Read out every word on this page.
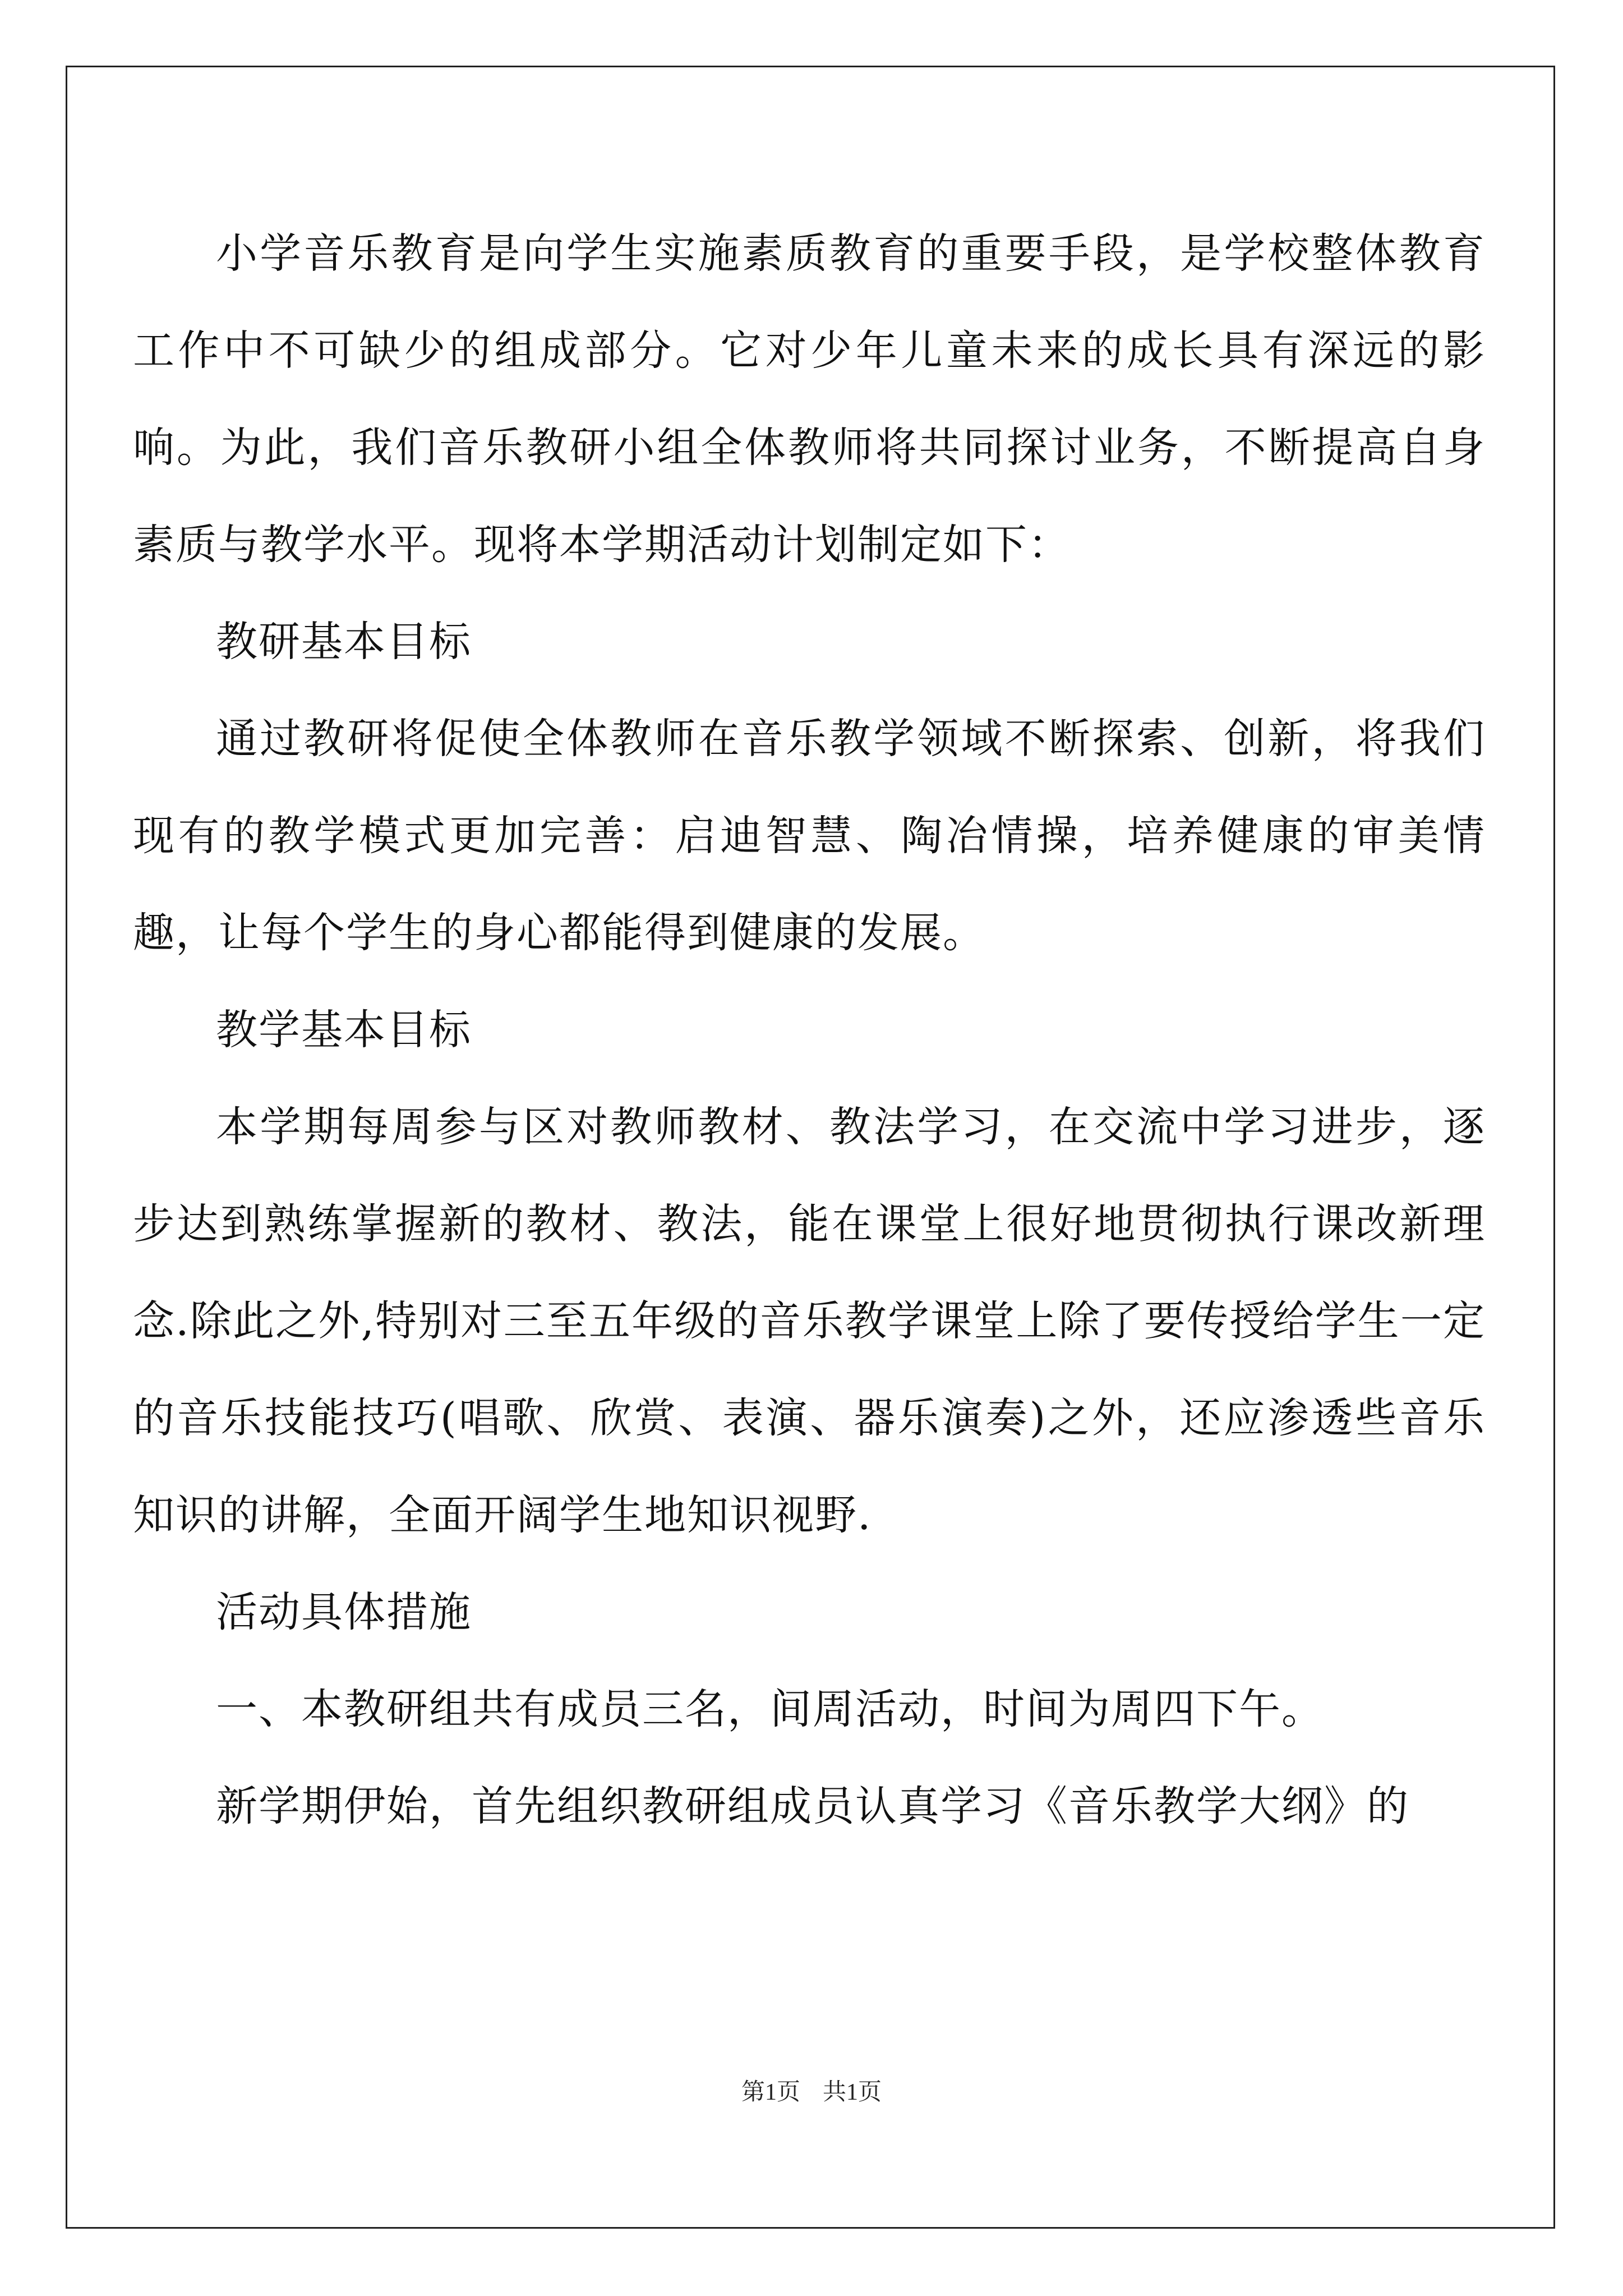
小学音乐教育是向学生实施素质教育的重要手段，是学校整体教育工作中不可缺少的组成部分。它对少年儿童未来的成长具有深远的影响。为此，我们音乐教研小组全体教师将共同探讨业务，不断提高自身素质与教学水平。现将本学期活动计划制定如下：

教研基本目标

通过教研将促使全体教师在音乐教学领域不断探索、创新，将我们现有的教学模式更加完善：启迪智慧、陶冶情操，培养健康的审美情趣，让每个学生的身心都能得到健康的发展。

教学基本目标

本学期每周参与区对教师教材、教法学习，在交流中学习进步，逐步达到熟练掌握新的教材、教法，能在课堂上很好地贯彻执行课改新理念.除此之外,特别对三至五年级的音乐教学课堂上除了要传授给学生一定的音乐技能技巧(唱歌、欣赏、表演、器乐演奏)之外，还应渗透些音乐知识的讲解，全面开阔学生地知识视野.

活动具体措施

一、本教研组共有成员三名，间周活动，时间为周四下午。

新学期伊始，首先组织教研组成员认真学习《音乐教学大纲》的

第1页 共1页
